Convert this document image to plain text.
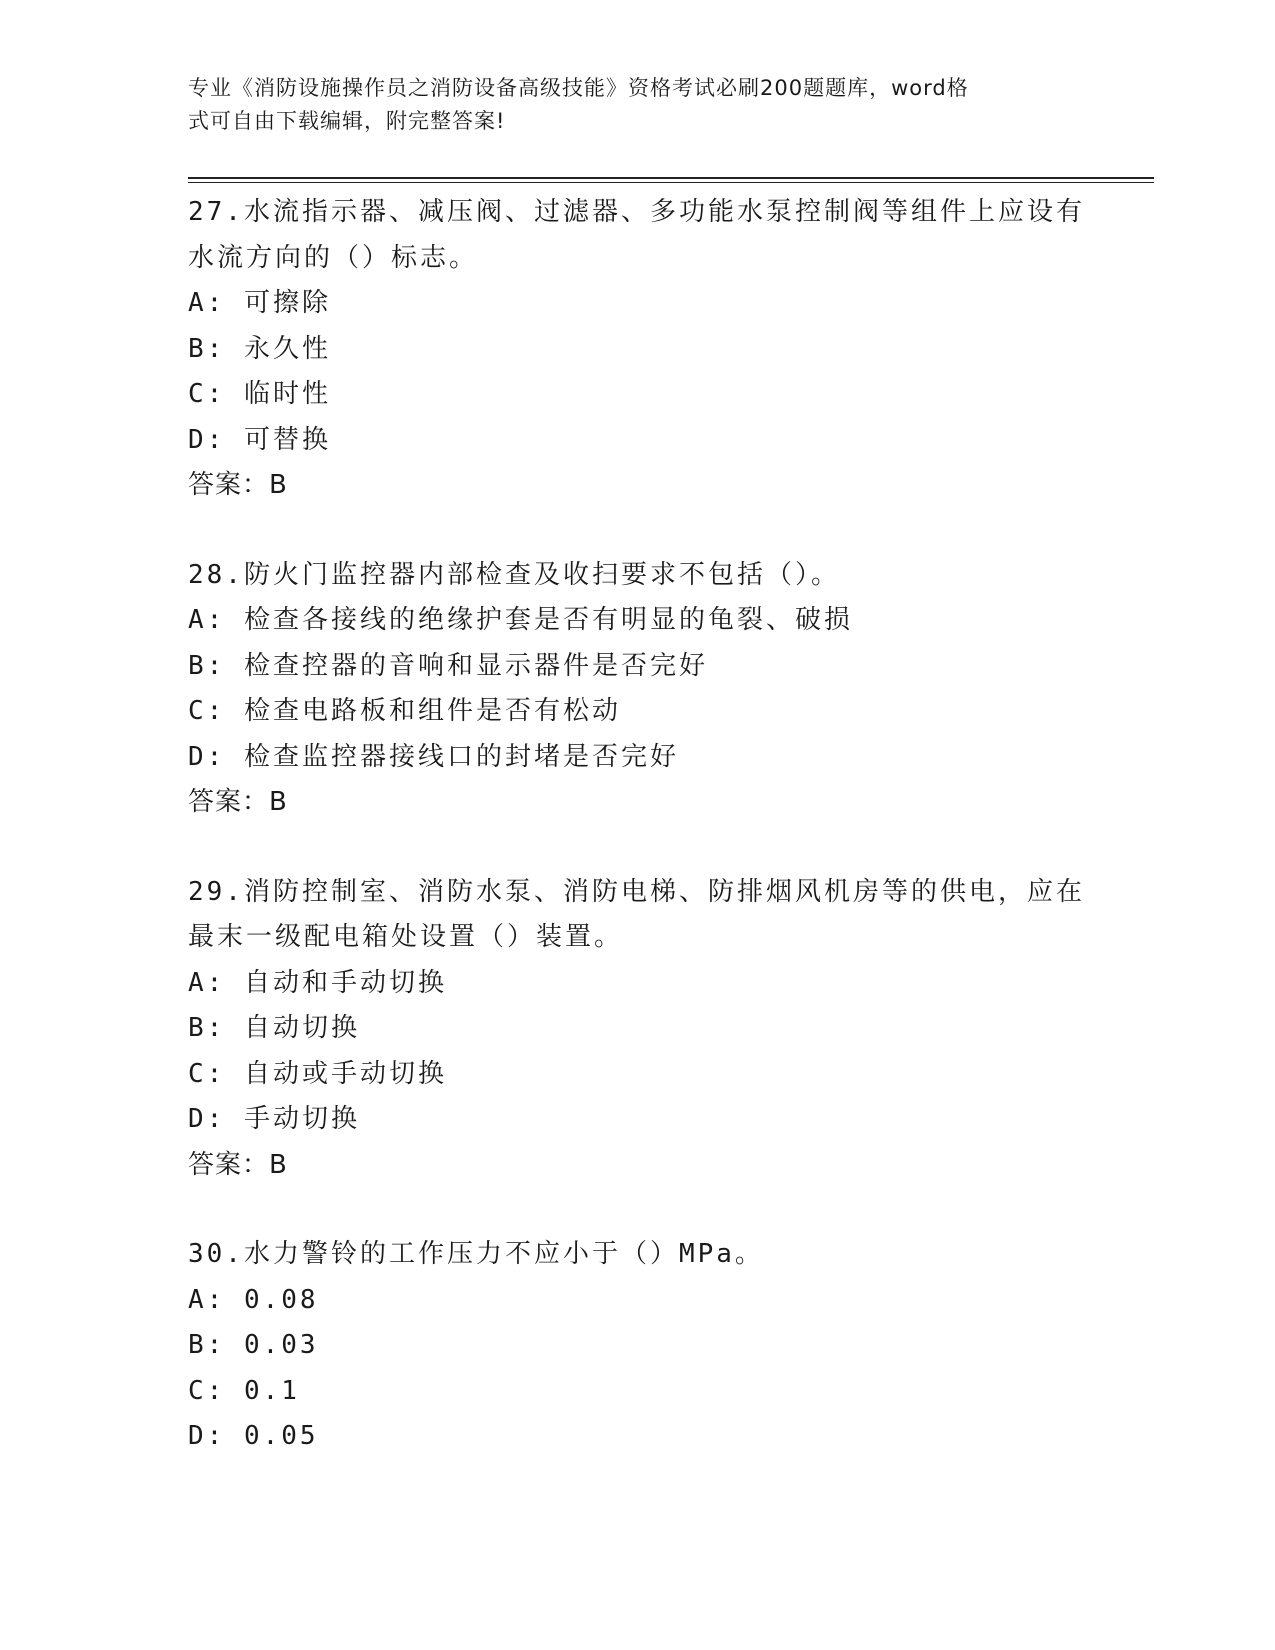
专业《消防设施操作员之消防设备高级技能》资格考试必刷200题题库，word格
式可自由下载编辑，附完整答案!
27.水流指示器、减压阀、过滤器、多功能水泵控制阀等组件上应设有
水流方向的（）标志。
A: 可擦除
B: 永久性
C: 临时性
D: 可替换
答案：B
28.防火门监控器内部检查及收扫要求不包括（）。
A: 检查各接线的绝缘护套是否有明显的龟裂、破损
B: 检查控器的音响和显示器件是否完好
C: 检查电路板和组件是否有松动
D: 检查监控器接线口的封堵是否完好
答案：B
29.消防控制室、消防水泵、消防电梯、防排烟风机房等的供电，应在
最末一级配电箱处设置（）装置。
A: 自动和手动切换
B: 自动切换
C: 自动或手动切换
D: 手动切换
答案：B
30.水力警铃的工作压力不应小于（）MPa。
A: 0.08
B: 0.03
C: 0.1
D: 0.05
